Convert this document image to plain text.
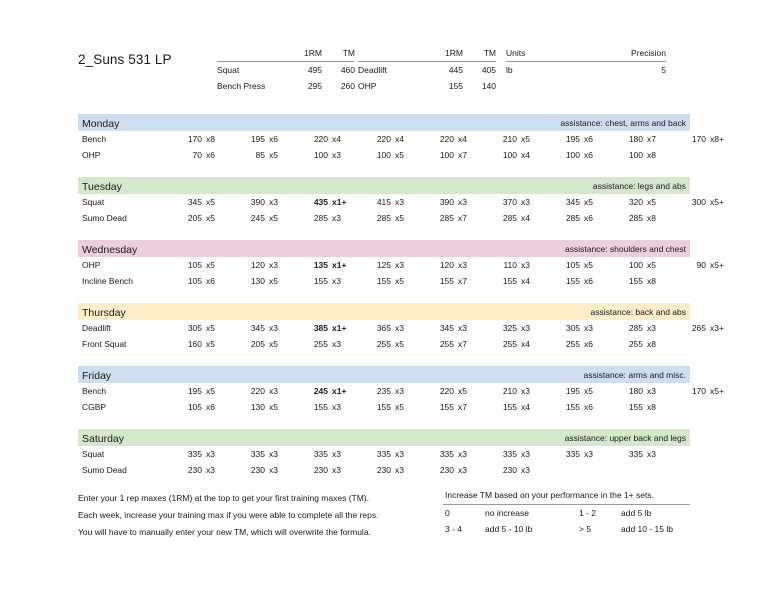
2_Suns 531 LP
		1RM	TM
Squat	495	460
Bench Press	295	260
	1RM	TM
Deadlift	445	405
OHP	155	140
Units	Precision
lb	5
Monday	assistance: chest, arms and back
Bench	170	x8	195	x6	220	x4	220	x4	220	x4	210	x5	195	x6	180	x7	170	x8+
OHP	70	x6	85	x5	100	x3	100	x5	100	x7	100	x4	100	x6	100	x8		
Tuesday	assistance: legs and abs
Squat	345	x5	390	x3	435	x1+	415	x3	390	x3	370	x3	345	x5	320	x5	300	x5+
Sumo Dead	205	x5	245	x5	285	x3	285	x5	285	x7	285	x4	285	x6	285	x8		
Wednesday	assistance: shoulders and chest
OHP	105	x5	120	x3	135	x1+	125	x3	120	x3	110	x3	105	x5	100	x5	90	x5+
Incline Bench	105	x6	130	x5	155	x3	155	x5	155	x7	155	x4	155	x6	155	x8		
Thursday	assistance: back and abs
Deadlift	305	x5	345	x3	385	x1+	365	x3	345	x3	325	x3	305	x3	285	x3	265	x3+
Front Squat	160	x5	205	x5	255	x3	255	x5	255	x7	255	x4	255	x6	255	x8		
Friday	assistance: arms and misc.
Bench	195	x5	220	x3	245	x1+	235	x3	220	x5	210	x3	195	x5	180	x3	170	x5+
CGBP	105	x6	130	x5	155	x3	155	x5	155	x7	155	x4	155	x6	155	x8		
Saturday	assistance: upper back and legs
Squat	335	x3	335	x3	335	x3	335	x3	335	x3	335	x3	335	x3	335	x3		
Sumo Dead	230	x3	230	x3	230	x3	230	x3	230	x3	230	x3						
Enter your 1 rep maxes (1RM) at the top to get your first training maxes (TM).
Each week, increase your training max if you were able to complete all the reps.
You will have to manually enter your new TM, which will overwrite the formula.
Increase TM based on your performance in the 1+ sets.
0	no increase	1 - 2	add 5 lb
3 - 4	add 5 - 10 lb	> 5	add 10 - 15 lb
